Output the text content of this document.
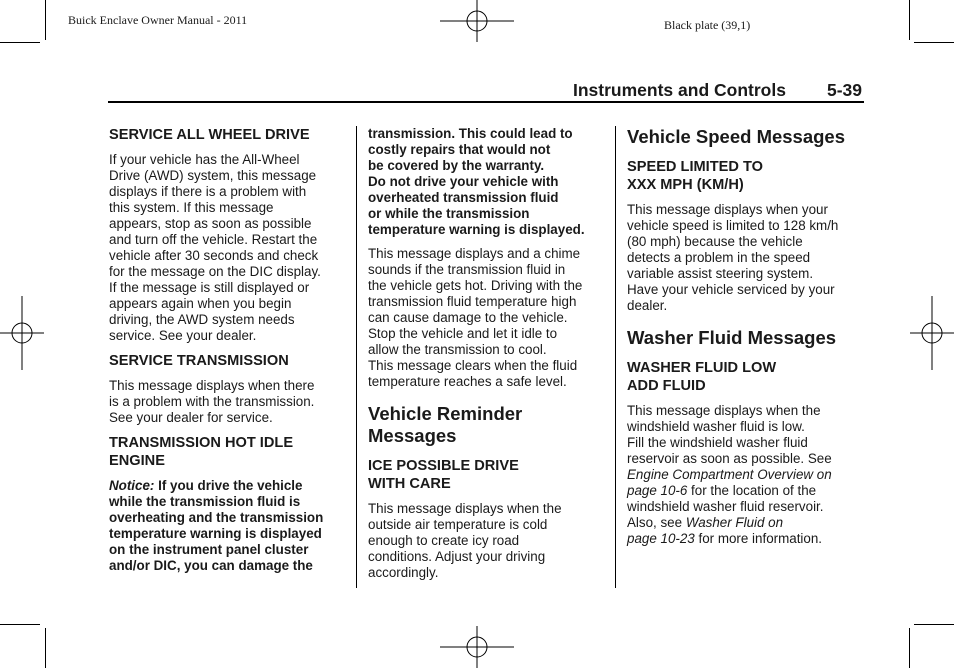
Buick Enclave Owner Manual - 2011	Black plate (39,1)
Instruments and Controls 5-39
SERVICE ALL WHEEL DRIVE

If your vehicle has the All-Wheel
Drive (AWD) system, this message
displays if there is a problem with
this system. If this message
appears, stop as soon as possible
and turn off the vehicle. Restart the
vehicle after 30 seconds and check
for the message on the DIC display.
If the message is still displayed or
appears again when you begin
driving, the AWD system needs
service. See your dealer.

SERVICE TRANSMISSION

This message displays when there
is a problem with the transmission.
See your dealer for service.

TRANSMISSION HOT IDLE
ENGINE

Notice: If you drive the vehicle

while the transmission fluid is
overheating and the transmission
temperature warning is displayed
on the instrument panel cluster
and/or DIC, you can damage the

transmission. This could lead to
costly repairs that would not
be covered by the warranty.
Do not drive your vehicle with
overheated transmission fluid
or while the transmission
temperature warning is displayed.

This message displays and a chime
sounds if the transmission fluid in
the vehicle gets hot. Driving with the
transmission fluid temperature high
can cause damage to the vehicle.
Stop the vehicle and let it idle to
allow the transmission to cool.
This message clears when the fluid
temperature reaches a safe level.

Vehicle Reminder
Messages
ICE POSSIBLE DRIVE
WITH CARE

This message displays when the
outside air temperature is cold
enough to create icy road
conditions. Adjust your driving
accordingly.

Vehicle Speed Messages
SPEED LIMITED TO
XXX MPH (KM/H)

This message displays when your
vehicle speed is limited to 128 km/h
(80 mph) because the vehicle
detects a problem in the speed
variable assist steering system.
Have your vehicle serviced by your
dealer.

Washer Fluid Messages
WASHER FLUID LOW
ADD FLUID

This message displays when the
windshield washer fluid is low.
Fill the windshield washer fluid
reservoir as soon as possible. See

Engine Compartment Overview on

page 10‑6 for the location of the

windshield washer fluid reservoir.
Also, see Washer Fluid on

page 10‑23 for more information.
